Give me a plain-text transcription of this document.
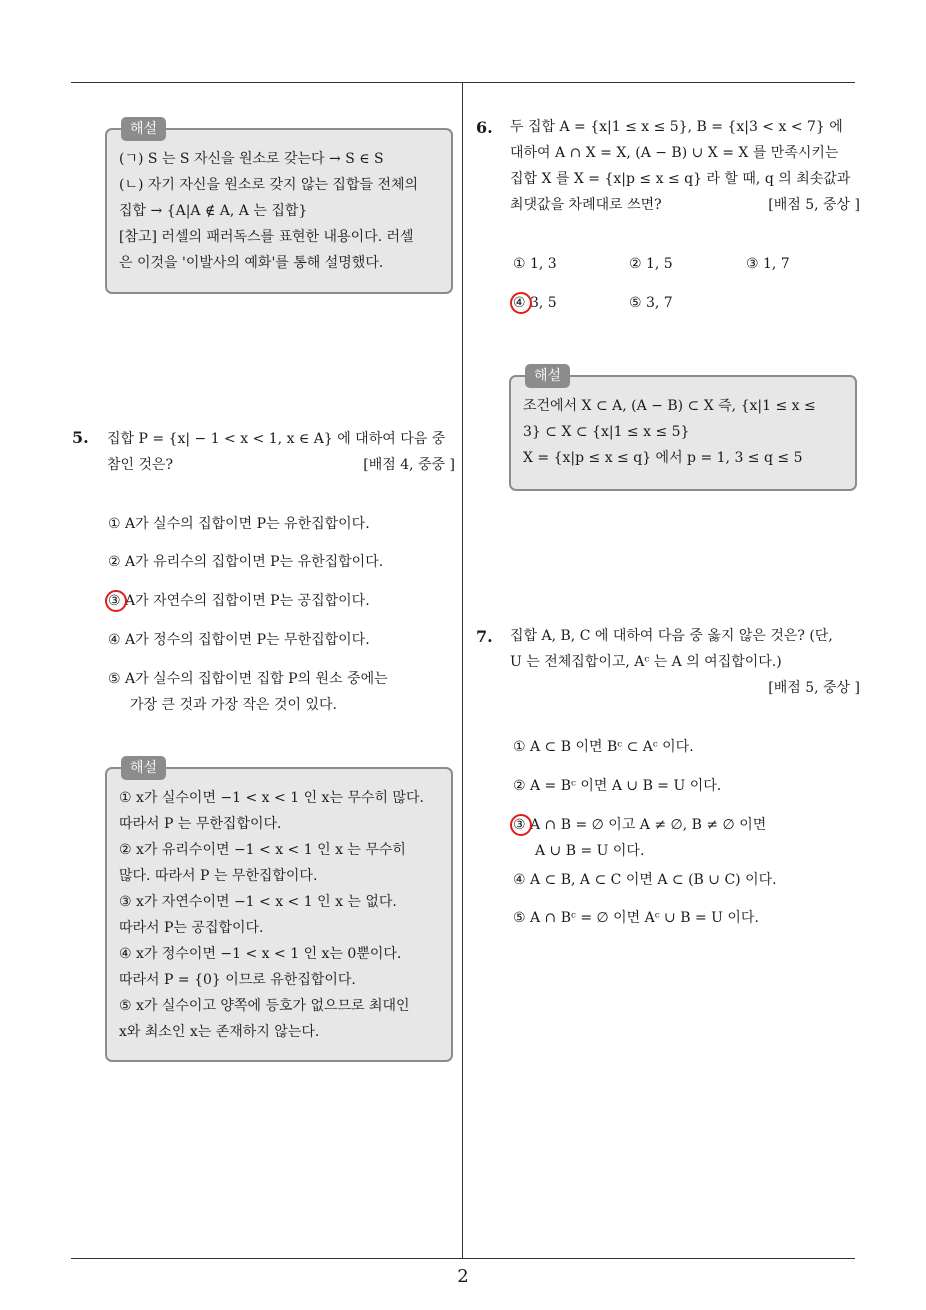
2
해설
(ㄱ) S 는 S 자신을 원소로 갖는다 → S ∈ S
(ㄴ) 자기 자신을 원소로 갖지 않는 집합들 전체의
집합 → {A|A ∉ A, A 는 집합}
[참고] 러셀의 패러독스를 표현한 내용이다. 러셀
은 이것을 '이발사의 예화'를 통해 설명했다.
5. 집합 P = {x| − 1 < x < 1, x ∈ A} 에 대하여 다음 중
참인 것은?	[배점 4, 중중 ]
① A가 실수의 집합이면 P는 유한집합이다.
② A가 유리수의 집합이면 P는 유한집합이다.
③ A가 자연수의 집합이면 P는 공집합이다.
④ A가 정수의 집합이면 P는 무한집합이다.
⑤ A가 실수의 집합이면 집합 P의 원소 중에는
가장 큰 것과 가장 작은 것이 있다.
해설
① x가 실수이면 −1 < x < 1 인 x는 무수히 많다.
따라서 P 는 무한집합이다.
② x가 유리수이면 −1 < x < 1 인 x 는 무수히
많다. 따라서 P 는 무한집합이다.
③ x가 자연수이면 −1 < x < 1 인 x 는 없다.
따라서 P는 공집합이다.
④ x가 정수이면 −1 < x < 1 인 x는 0뿐이다.
따라서 P = {0} 이므로 유한집합이다.
⑤ x가 실수이고 양쪽에 등호가 없으므로 최대인
x와 최소인 x는 존재하지 않는다.
6. 두 집합 A = {x|1 ≤ x ≤ 5}, B = {x|3 < x < 7} 에
대하여 A ∩ X = X, (A − B) ∪ X = X 를 만족시키는
집합 X 를 X = {x|p ≤ x ≤ q} 라 할 때, q 의 최솟값과
최댓값을 차례대로 쓰면?	[배점 5, 중상 ]
① 1, 3	② 1, 5	③ 1, 7
④ 3, 5	⑤ 3, 7
해설
조건에서 X ⊂ A, (A − B) ⊂ X 즉, {x|1 ≤ x ≤
3} ⊂ X ⊂ {x|1 ≤ x ≤ 5}
X = {x|p ≤ x ≤ q} 에서 p = 1, 3 ≤ q ≤ 5
7. 집합 A, B, C 에 대하여 다음 중 옳지 않은 것은? (단,
U 는 전체집합이고, Aᶜ 는 A 의 여집합이다.)
[배점 5, 중상 ]
① A ⊂ B 이면 Bᶜ ⊂ Aᶜ 이다.
② A = Bᶜ 이면 A ∪ B = U 이다.
③ A ∩ B = ∅ 이고 A ≠ ∅, B ≠ ∅ 이면
A ∪ B = U 이다.
④ A ⊂ B, A ⊂ C 이면 A ⊂ (B ∪ C) 이다.
⑤ A ∩ Bᶜ = ∅ 이면 Aᶜ ∪ B = U 이다.
